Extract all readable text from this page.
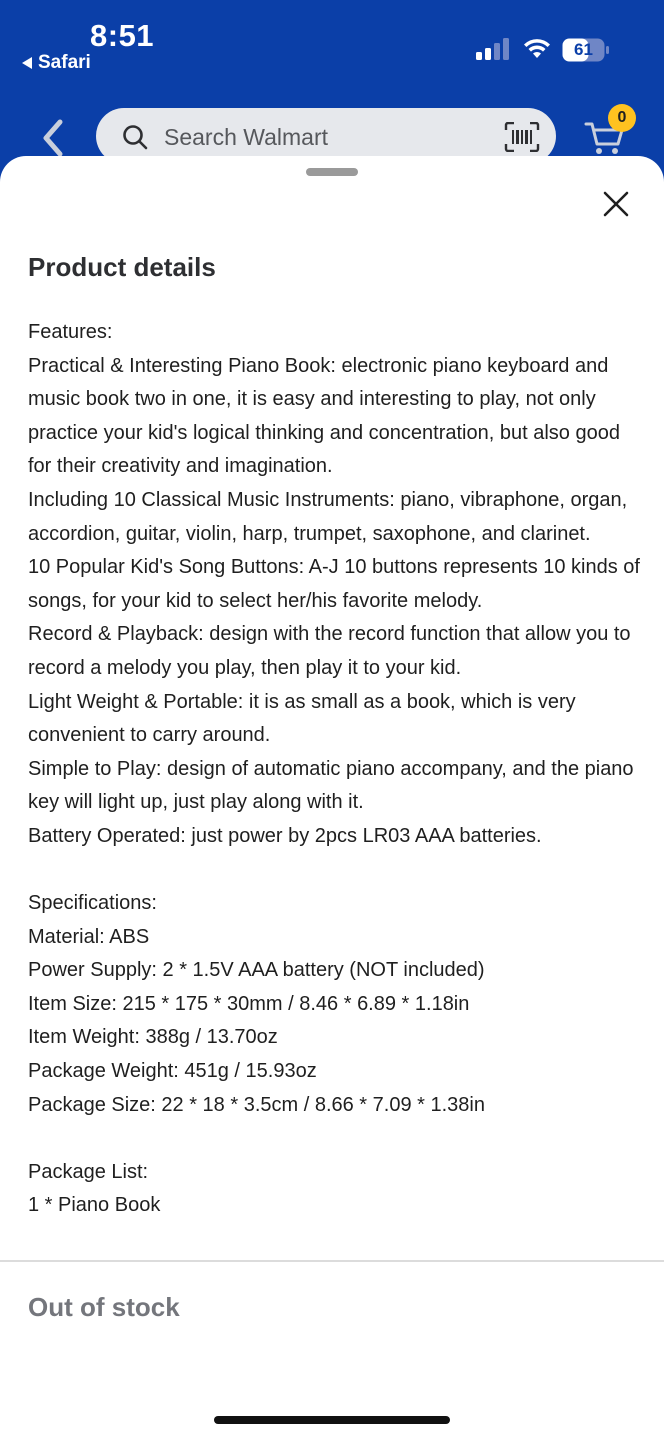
8:51
Safari
61
Search Walmart
0
Product details
Features:
Practical & Interesting Piano Book: electronic piano keyboard and music book two in one, it is easy and interesting to play, not only practice your kid's logical thinking and concentration, but also good for their creativity and imagination.
Including 10 Classical Music Instruments: piano, vibraphone, organ, accordion, guitar, violin, harp, trumpet, saxophone, and clarinet.
10 Popular Kid's Song Buttons: A-J 10 buttons represents 10 kinds of songs, for your kid to select her/his favorite melody.
Record & Playback: design with the record function that allow you to record a melody you play, then play it to your kid.
Light Weight & Portable: it is as small as a book, which is very convenient to carry around.
Simple to Play: design of automatic piano accompany, and the piano key will light up, just play along with it.
Battery Operated: just power by 2pcs LR03 AAA batteries.
Specifications:
Material: ABS
Power Supply: 2 * 1.5V AAA battery (NOT included)
Item Size: 215 * 175 * 30mm / 8.46 * 6.89 * 1.18in
Item Weight: 388g / 13.70oz
Package Weight: 451g / 15.93oz
Package Size: 22 * 18 * 3.5cm / 8.66 * 7.09 * 1.38in
Package List:
1 * Piano Book
Out of stock
